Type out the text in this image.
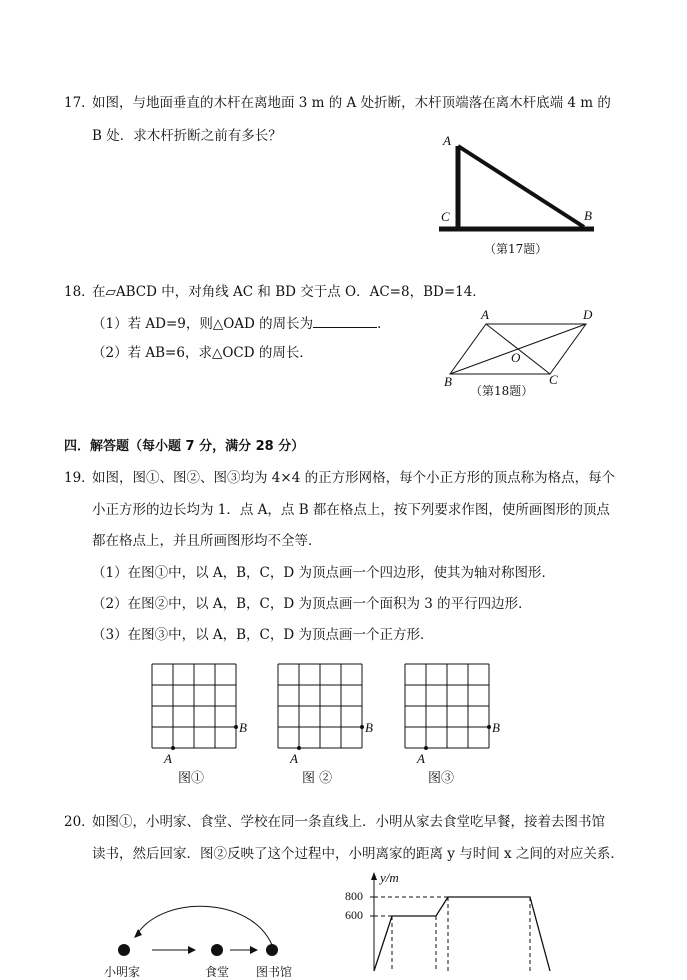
17．
如图，与地面垂直的木杆在离地面 3 m 的 A 处折断，木杆顶端落在离木杆底端 4 m 的
B 处．求木杆折断之前有多长？	A
C	B
（第17题）
18．
在▱ABCD 中，对角线 AC 和 BD 交于点 O．AC=8，BD=14．
（1）若 AD=9，则△OAD 的周长为	．
（2）若 AB=6，求△OCD 的周长．
A	D
O
B	C
（第18题）
四．解答题（每小题 7 分，满分 28 分）
19．
如图，图①、图②、图③均为 4×4 的正方形网格，每个小正方形的顶点称为格点，每个
小正方形的边长均为 1．点 A，点 B 都在格点上，按下列要求作图，使所画图形的顶点
都在格点上，并且所画图形均不全等．
（1）在图①中，以 A，B，C，D 为顶点画一个四边形，使其为轴对称图形．
（2）在图②中，以 A，B，C，D 为顶点画一个面积为 3 的平行四边形．
（3）在图③中，以 A，B，C，D 为顶点画一个正方形．
A
B
图①
A
B
图 ②
A
B
图③
20．
如图①，小明家、食堂、学校在同一条直线上．小明从家去食堂吃早餐，接着去图书馆
读书，然后回家．图②反映了这个过程中，小明离家的距离 y 与时间 x 之间的对应关系．
小明家	食堂 图书馆
y/m
800
600
